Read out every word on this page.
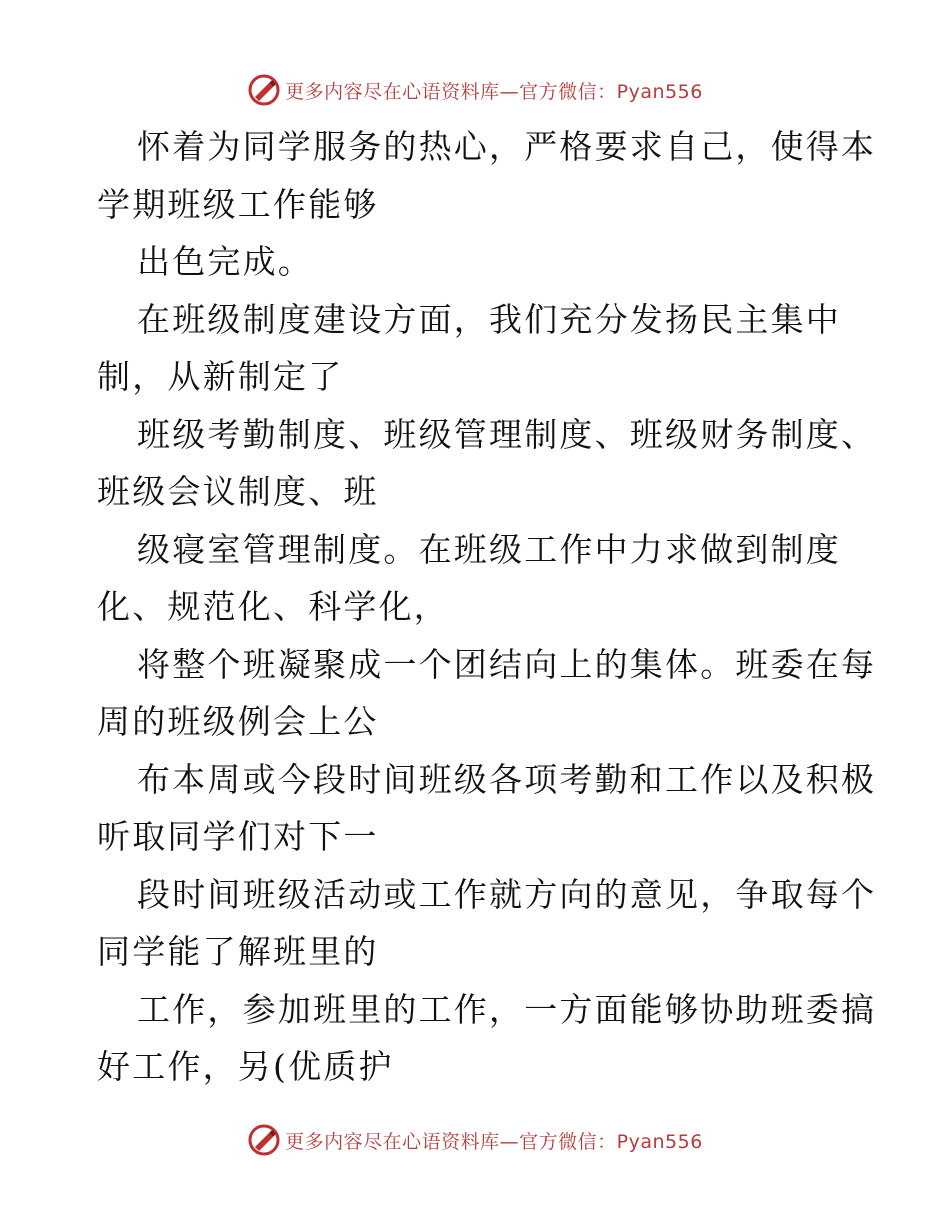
更多内容尽在心语资料库—官方微信：Pyan556
怀着为同学服务的热心，严格要求自己，使得本
学期班级工作能够
出色完成。
在班级制度建设方面，我们充分发扬民主集中
制，从新制定了
班级考勤制度、班级管理制度、班级财务制度、
班级会议制度、班
级寝室管理制度。在班级工作中力求做到制度
化、规范化、科学化，
将整个班凝聚成一个团结向上的集体。班委在每
周的班级例会上公
布本周或今段时间班级各项考勤和工作以及积极
听取同学们对下一
段时间班级活动或工作就方向的意见，争取每个
同学能了解班里的
工作，参加班里的工作，一方面能够协助班委搞
好工作，另(优质护
更多内容尽在心语资料库—官方微信：Pyan556
